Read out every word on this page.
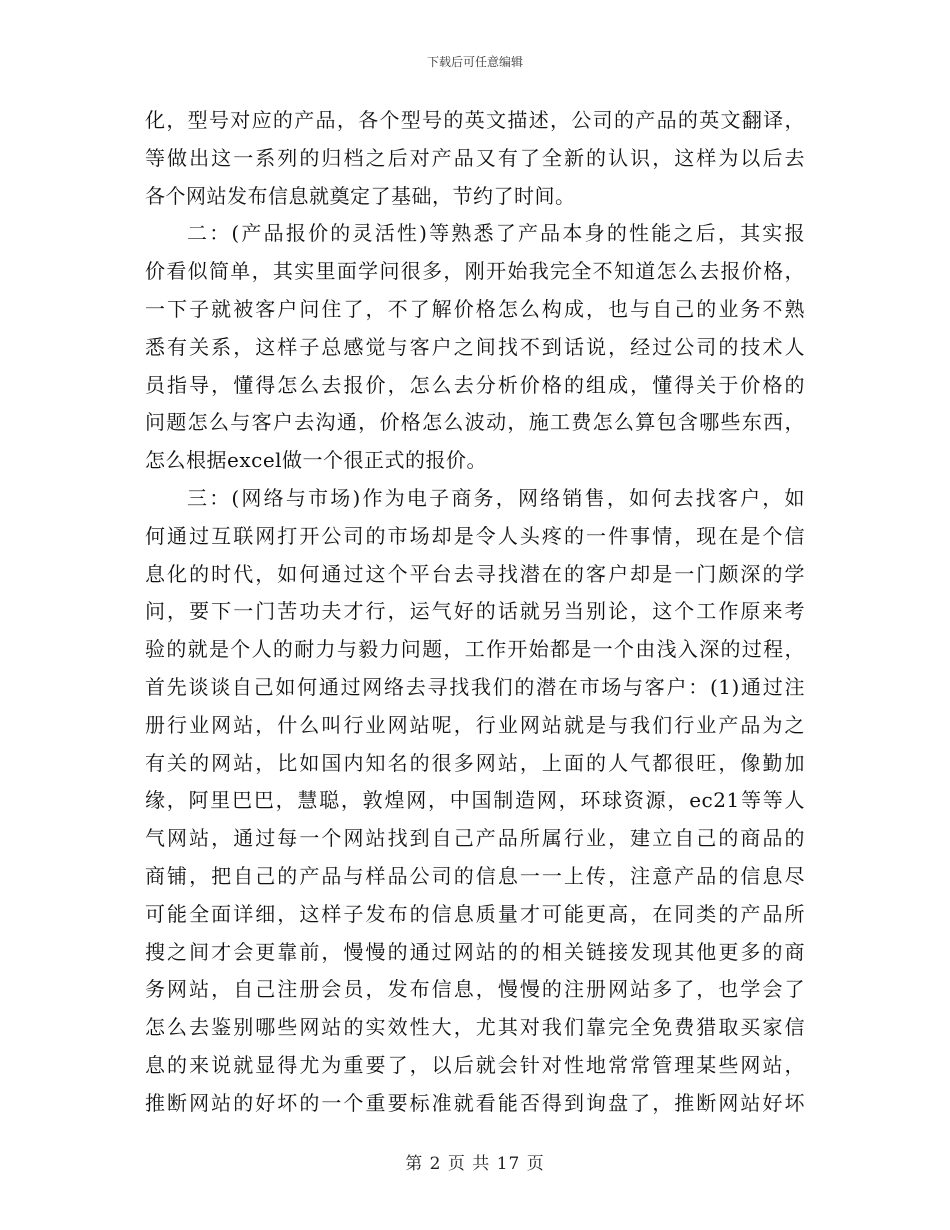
下载后可任意编辑
化，型号对应的产品，各个型号的英文描述，公司的产品的英文翻译，
等做出这一系列的归档之后对产品又有了全新的认识，这样为以后去
各个网站发布信息就奠定了基础，节约了时间。
二：(产品报价的灵活性)等熟悉了产品本身的性能之后，其实报
价看似简单，其实里面学问很多，刚开始我完全不知道怎么去报价格，
一下子就被客户问住了，不了解价格怎么构成，也与自己的业务不熟
悉有关系，这样子总感觉与客户之间找不到话说，经过公司的技术人
员指导，懂得怎么去报价，怎么去分析价格的组成，懂得关于价格的
问题怎么与客户去沟通，价格怎么波动，施工费怎么算包含哪些东西，
怎么根据excel做一个很正式的报价。
三：(网络与市场)作为电子商务，网络销售，如何去找客户，如
何通过互联网打开公司的市场却是令人头疼的一件事情，现在是个信
息化的时代，如何通过这个平台去寻找潜在的客户却是一门颇深的学
问，要下一门苦功夫才行，运气好的话就另当别论，这个工作原来考
验的就是个人的耐力与毅力问题，工作开始都是一个由浅入深的过程，
首先谈谈自己如何通过网络去寻找我们的潜在市场与客户：(1)通过注
册行业网站，什么叫行业网站呢，行业网站就是与我们行业产品为之
有关的网站，比如国内知名的很多网站，上面的人气都很旺，像勤加
缘，阿里巴巴，慧聪，敦煌网，中国制造网，环球资源，ec21等等人
气网站，通过每一个网站找到自己产品所属行业，建立自己的商品的
商铺，把自己的产品与样品公司的信息一一上传，注意产品的信息尽
可能全面详细，这样子发布的信息质量才可能更高，在同类的产品所
搜之间才会更靠前，慢慢的通过网站的的相关链接发现其他更多的商
务网站，自己注册会员，发布信息，慢慢的注册网站多了，也学会了
怎么去鉴别哪些网站的实效性大，尤其对我们靠完全免费猎取买家信
息的来说就显得尤为重要了，以后就会针对性地常常管理某些网站，
推断网站的好坏的一个重要标准就看能否得到询盘了，推断网站好坏
第 2 页 共 17 页
